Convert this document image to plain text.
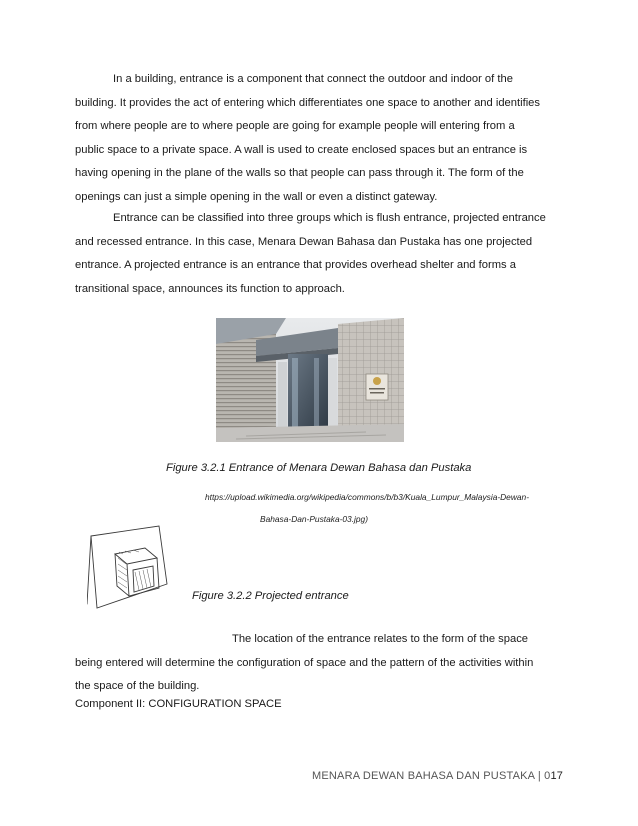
In a building, entrance is a component that connect the outdoor and indoor of the
building. It provides the act of entering which differentiates one space to another and identifies
from where people are to where people are going for example people will entering from a
public space to a private space. A wall is used to create enclosed spaces but an entrance is
having opening in the plane of the walls so that people can pass through it. The form of the
openings can just a simple opening in the wall or even a distinct gateway.
Entrance can be classified into three groups which is flush entrance, projected entrance
and recessed entrance. In this case, Menara Dewan Bahasa dan Pustaka has one projected
entrance. A projected entrance is an entrance that provides overhead shelter and forms a
transitional space, announces its function to approach.
Figure 3.2.1 Entrance of Menara Dewan Bahasa dan Pustaka
https://upload.wikimedia.org/wikipedia/commons/b/b3/Kuala_Lumpur_Malaysia-Dewan-
Bahasa-Dan-Pustaka-03.jpg)
Figure 3.2.2 Projected entrance
The location of the entrance relates to the form of the space
being entered will determine the configuration of space and the pattern of the activities within
the space of the building.
Component II: CONFIGURATION SPACE
MENARA DEWAN BAHASA DAN PUSTAKA | 017
